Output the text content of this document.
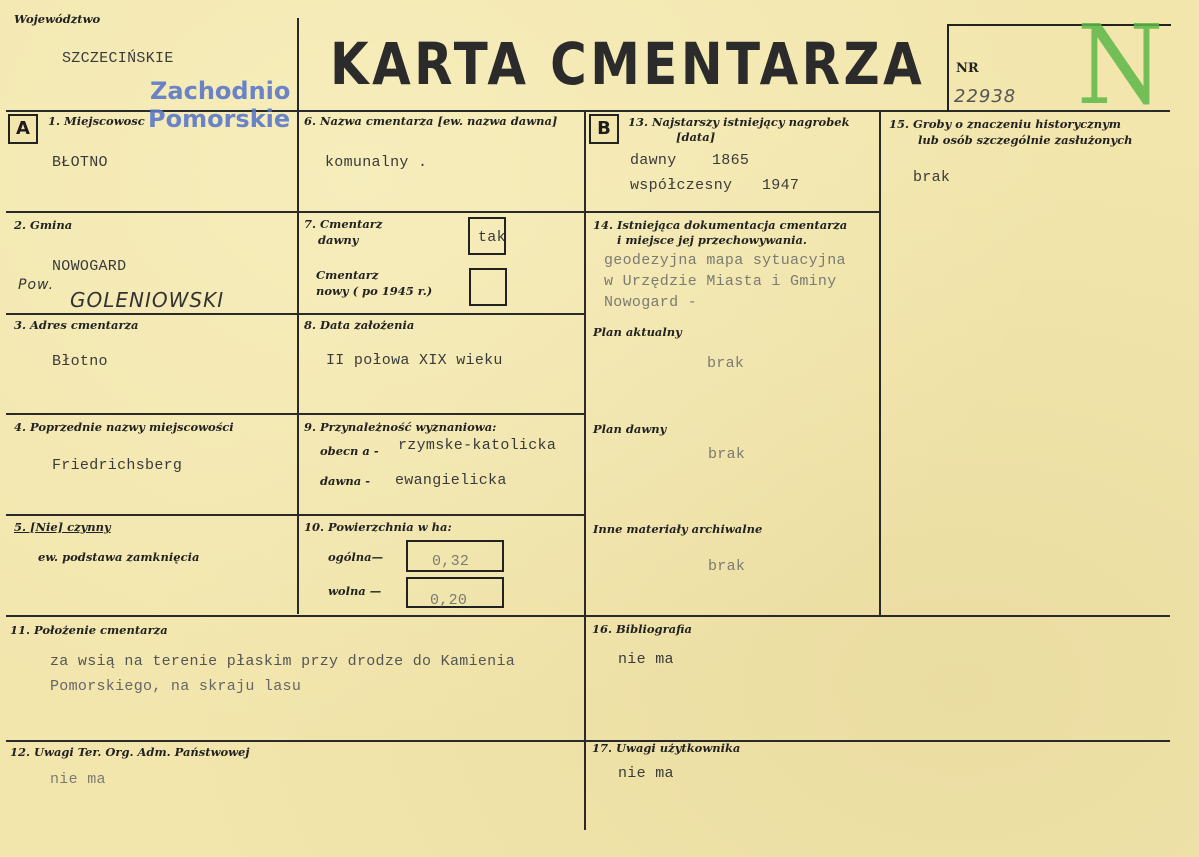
Województwo
SZCZECIŃSKIE
Zachodnio
Pomorskie
KARTA CMENTARZA NR
22938 N
A	1. Miejscowosc
BŁOTNO
2. Gmina
NOWOGARD
Pow.
GOLENIOWSKI
3. Adres cmentarza
Błotno
4. Poprzednie nazwy miejscowości
Friedrichsberg
5. [Nie] czynny
ew. podstawa zamknięcia
6. Nazwa cmentarza [ew. nazwa dawna]
komunalny .
7. Cmentarz
dawny	tak
Cmentarz
nowy ( po 1945 r.)
8. Data założenia
II połowa XIX wieku
9. Przynależność wyznaniowa:
obecn a - rzymske-katolicka
dawna - ewangielicka
10. Powierzchnia w ha:
ogólna—	0,32
wolna —
0,20
B	13. Najstarszy istniejący nagrobek
[data]
dawny 1865
współczesny 1947
14. Istniejąca dokumentacja cmentarza
i miejsce jej przechowywania.
geodezyjna mapa sytuacyjna
w Urzędzie Miasta i Gminy
Nowogard -
Plan aktualny
brak
Plan dawny
brak
Inne materiały archiwalne
brak
15. Groby o znaczeniu historycznym
lub osób szczególnie zasłużonych
brak
11. Położenie cmentarza
za wsią na terenie płaskim przy drodze do Kamienia
Pomorskiego, na skraju lasu
16. Bibliografia
nie ma
12. Uwagi Ter. Org. Adm. Państwowej
nie ma
17. Uwagi użytkownika
nie ma
